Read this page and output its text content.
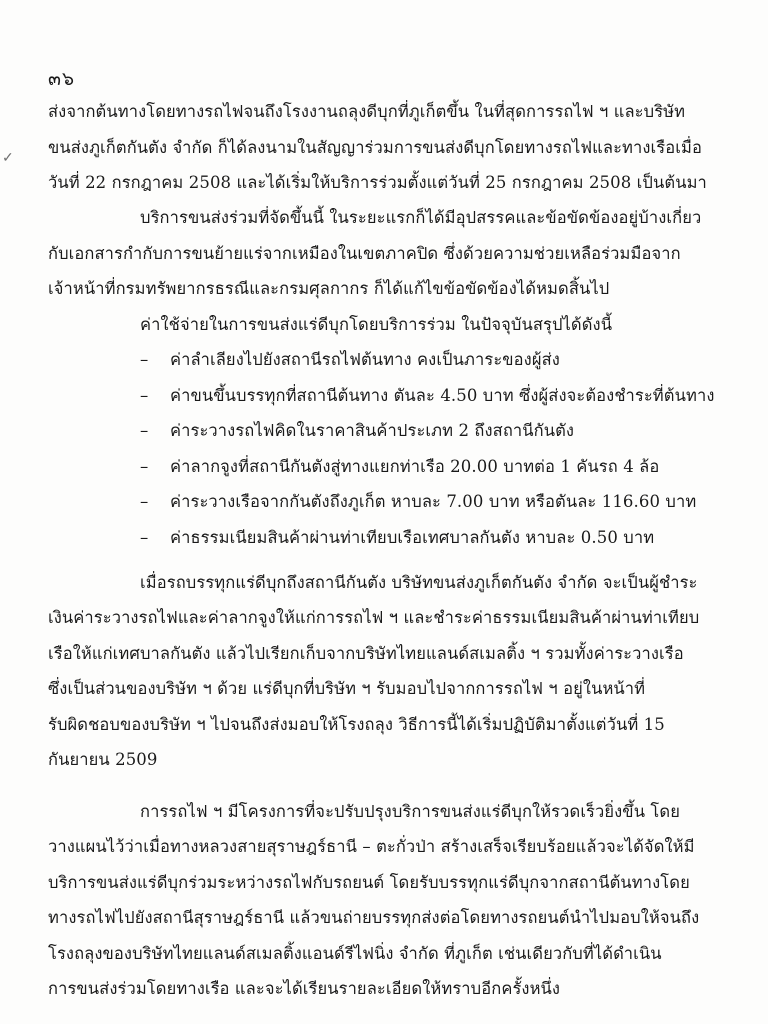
✓
๓๖
ส่งจากต้นทางโดยทางรถไฟจนถึงโรงงานถลุงดีบุกที่ภูเก็ตขึ้น ในที่สุดการรถไฟ ฯ และบริษัท
ขนส่งภูเก็ตกันตัง จำกัด ก็ได้ลงนามในสัญญาร่วมการขนส่งดีบุกโดยทางรถไฟและทางเรือเมื่อ
วันที่ 22 กรกฎาคม 2508 และได้เริ่มให้บริการร่วมตั้งแต่วันที่ 25 กรกฎาคม 2508 เป็นต้นมา
บริการขนส่งร่วมที่จัดขึ้นนี้ ในระยะแรกก็ได้มีอุปสรรคและข้อขัดข้องอยู่บ้างเกี่ยว
กับเอกสารกำกับการขนย้ายแร่จากเหมืองในเขตภาคปิด ซึ่งด้วยความช่วยเหลือร่วมมือจาก
เจ้าหน้าที่กรมทรัพยากรธรณีและกรมศุลกากร ก็ได้แก้ไขข้อขัดข้องได้หมดสิ้นไป
ค่าใช้จ่ายในการขนส่งแร่ดีบุกโดยบริการร่วม ในปัจจุบันสรุปได้ดังนี้
– ค่าลำเลียงไปยังสถานีรถไฟต้นทาง คงเป็นภาระของผู้ส่ง
– ค่าขนขึ้นบรรทุกที่สถานีต้นทาง ตันละ 4.50 บาท ซึ่งผู้ส่งจะต้องชำระที่ต้นทาง
– ค่าระวางรถไฟคิดในราคาสินค้าประเภท 2 ถึงสถานีกันตัง
– ค่าลากจูงที่สถานีกันตังสู่ทางแยกท่าเรือ 20.00 บาทต่อ 1 คันรถ 4 ล้อ
– ค่าระวางเรือจากกันตังถึงภูเก็ต หาบละ 7.00 บาท หรือตันละ 116.60 บาท
– ค่าธรรมเนียมสินค้าผ่านท่าเทียบเรือเทศบาลกันตัง หาบละ 0.50 บาท
เมื่อรถบรรทุกแร่ดีบุกถึงสถานีกันตัง บริษัทขนส่งภูเก็ตกันตัง จำกัด จะเป็นผู้ชำระ
เงินค่าระวางรถไฟและค่าลากจูงให้แก่การรถไฟ ฯ และชำระค่าธรรมเนียมสินค้าผ่านท่าเทียบ
เรือให้แก่เทศบาลกันตัง แล้วไปเรียกเก็บจากบริษัทไทยแลนด์สเมลติ้ง ฯ รวมทั้งค่าระวางเรือ
ซึ่งเป็นส่วนของบริษัท ฯ ด้วย แร่ดีบุกที่บริษัท ฯ รับมอบไปจากการรถไฟ ฯ อยู่ในหน้าที่
รับผิดชอบของบริษัท ฯ ไปจนถึงส่งมอบให้โรงถลุง วิธีการนี้ได้เริ่มปฏิบัติมาตั้งแต่วันที่ 15
กันยายน 2509
การรถไฟ ฯ มีโครงการที่จะปรับปรุงบริการขนส่งแร่ดีบุกให้รวดเร็วยิ่งขึ้น โดย
วางแผนไว้ว่าเมื่อทางหลวงสายสุราษฎร์ธานี – ตะกั่วป่า สร้างเสร็จเรียบร้อยแล้วจะได้จัดให้มี
บริการขนส่งแร่ดีบุกร่วมระหว่างรถไฟกับรถยนต์ โดยรับบรรทุกแร่ดีบุกจากสถานีต้นทางโดย
ทางรถไฟไปยังสถานีสุราษฎร์ธานี แล้วขนถ่ายบรรทุกส่งต่อโดยทางรถยนต์นำไปมอบให้จนถึง
โรงถลุงของบริษัทไทยแลนด์สเมลติ้งแอนด์รีไฟนิ่ง จำกัด ที่ภูเก็ต เช่นเดียวกับที่ได้ดำเนิน
การขนส่งร่วมโดยทางเรือ และจะได้เรียนรายละเอียดให้ทราบอีกครั้งหนึ่ง
